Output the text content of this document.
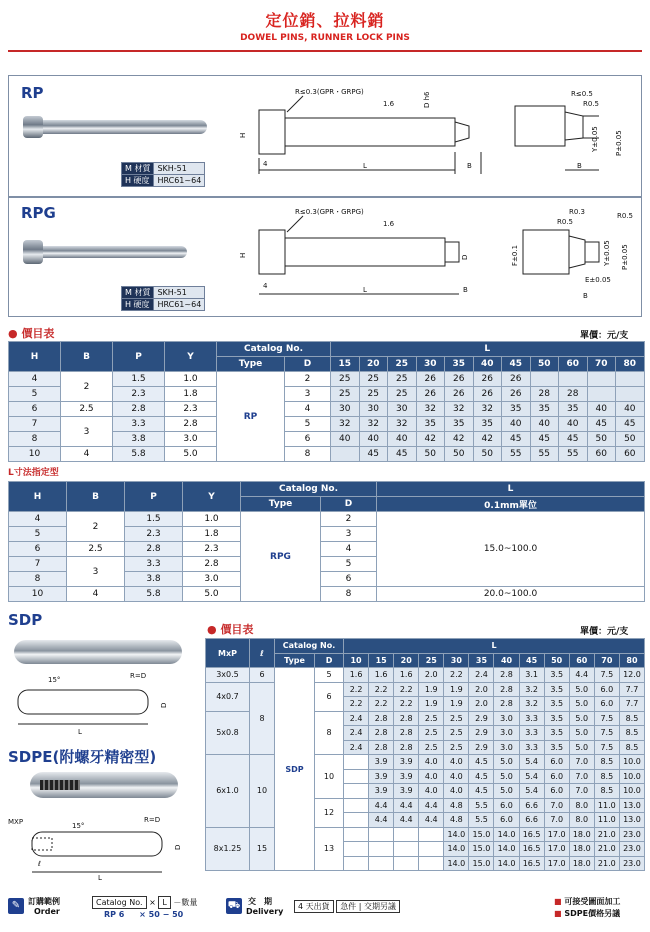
定位銷、拉料銷
DOWEL PINS, RUNNER LOCK PINS
RP
M 材質	SKH-51
H 硬度	HRC61~64
R≤0.3(GPR・GRPG)
1.6	D h6
H
4	L	B
R≤0.5
R0.5
Y±0.05 P±0.05
B
RPG
M 材質	SKH-51
H 硬度	HRC61~64
R≤0.3(GPR・GRPG)
1.6
H	D
4	L	B
F±0.1
R0.3
R0.5
R0.5
Y±0.05 P±0.05
E±0.05
B
● 價目表	單價：元/支
H	B	P	Y	Catalog No.		L										
				Type	D	15	20	25	30	35	40	45	50	60	70	80
4	2	1.5	1.0	RP	2	25	25	25	26	26	26	26				
5		2.3	1.8		3	25	25	25	26	26	26	26	28	28		
6	2.5	2.8	2.3		4	30	30	30	32	32	32	35	35	35	40	40
7	3	3.3	2.8		5	32	32	32	35	35	35	40	40	40	45	45
8		3.8	3.0		6	40	40	40	42	42	42	45	45	45	50	50
10	4	5.8	5.0		8		45	45	50	50	50	55	55	55	60	60
L寸法指定型
H	B	P	Y	Catalog No.		L
				Type	D	0.1mm單位
4	2	1.5	1.0	RPG	2	15.0~100.0
5		2.3	1.8		3	
6	2.5	2.8	2.3		4	
7	3	3.3	2.8		5	
8		3.8	3.0		6	
10	4	5.8	5.0		8	20.0~100.0
SDP
15°	R=D
L
D
SDPE(附螺牙精密型)
MXP	15°
R=D
ℓ
L
D
● 價目表	單價：元/支
MxP	ℓ	Catalog No.		L											
		Type	D	10	15	20	25	30	35	40	45	50	60	70	80
3x0.5	6	SDP	5	1.6	1.6	1.6	2.0	2.2	2.4	2.8	3.1	3.5	4.4	7.5	12.0
4x0.7	8		6	2.2	2.2	2.2	1.9	1.9	2.0	2.8	3.2	3.5	5.0	6.0	7.7
				2.2	2.2	2.2	1.9	1.9	2.0	2.8	3.2	3.5	5.0	6.0	7.7
5x0.8			8	2.4	2.8	2.8	2.5	2.5	2.9	3.0	3.3	3.5	5.0	7.5	8.5
				2.4	2.8	2.8	2.5	2.5	2.9	3.0	3.3	3.5	5.0	7.5	8.5
				2.4	2.8	2.8	2.5	2.5	2.9	3.0	3.3	3.5	5.0	7.5	8.5
6x1.0	10		10		3.9	3.9	4.0	4.0	4.5	5.0	5.4	6.0	7.0	8.5	10.0
					3.9	3.9	4.0	4.0	4.5	5.0	5.4	6.0	7.0	8.5	10.0
					3.9	3.9	4.0	4.0	4.5	5.0	5.4	6.0	7.0	8.5	10.0
			12		4.4	4.4	4.4	4.8	5.5	6.0	6.6	7.0	8.0	11.0	13.0
					4.4	4.4	4.4	4.8	5.5	6.0	6.6	7.0	8.0	11.0	13.0
8x1.25	15		13					14.0	15.0	14.0	16.5	17.0	18.0	21.0	23.0
								14.0	15.0	14.0	16.5	17.0	18.0	21.0	23.0
								14.0	15.0	14.0	16.5	17.0	18.0	21.0	23.0
✎ 訂購範例
Order
Catalog No. × L －數量
RP 6 × 50 − 50
⛟ 交　期
Delivery
4 天出貨 急件 | 交期另議
■ 可接受圖面加工
■ SDPE價格另議
